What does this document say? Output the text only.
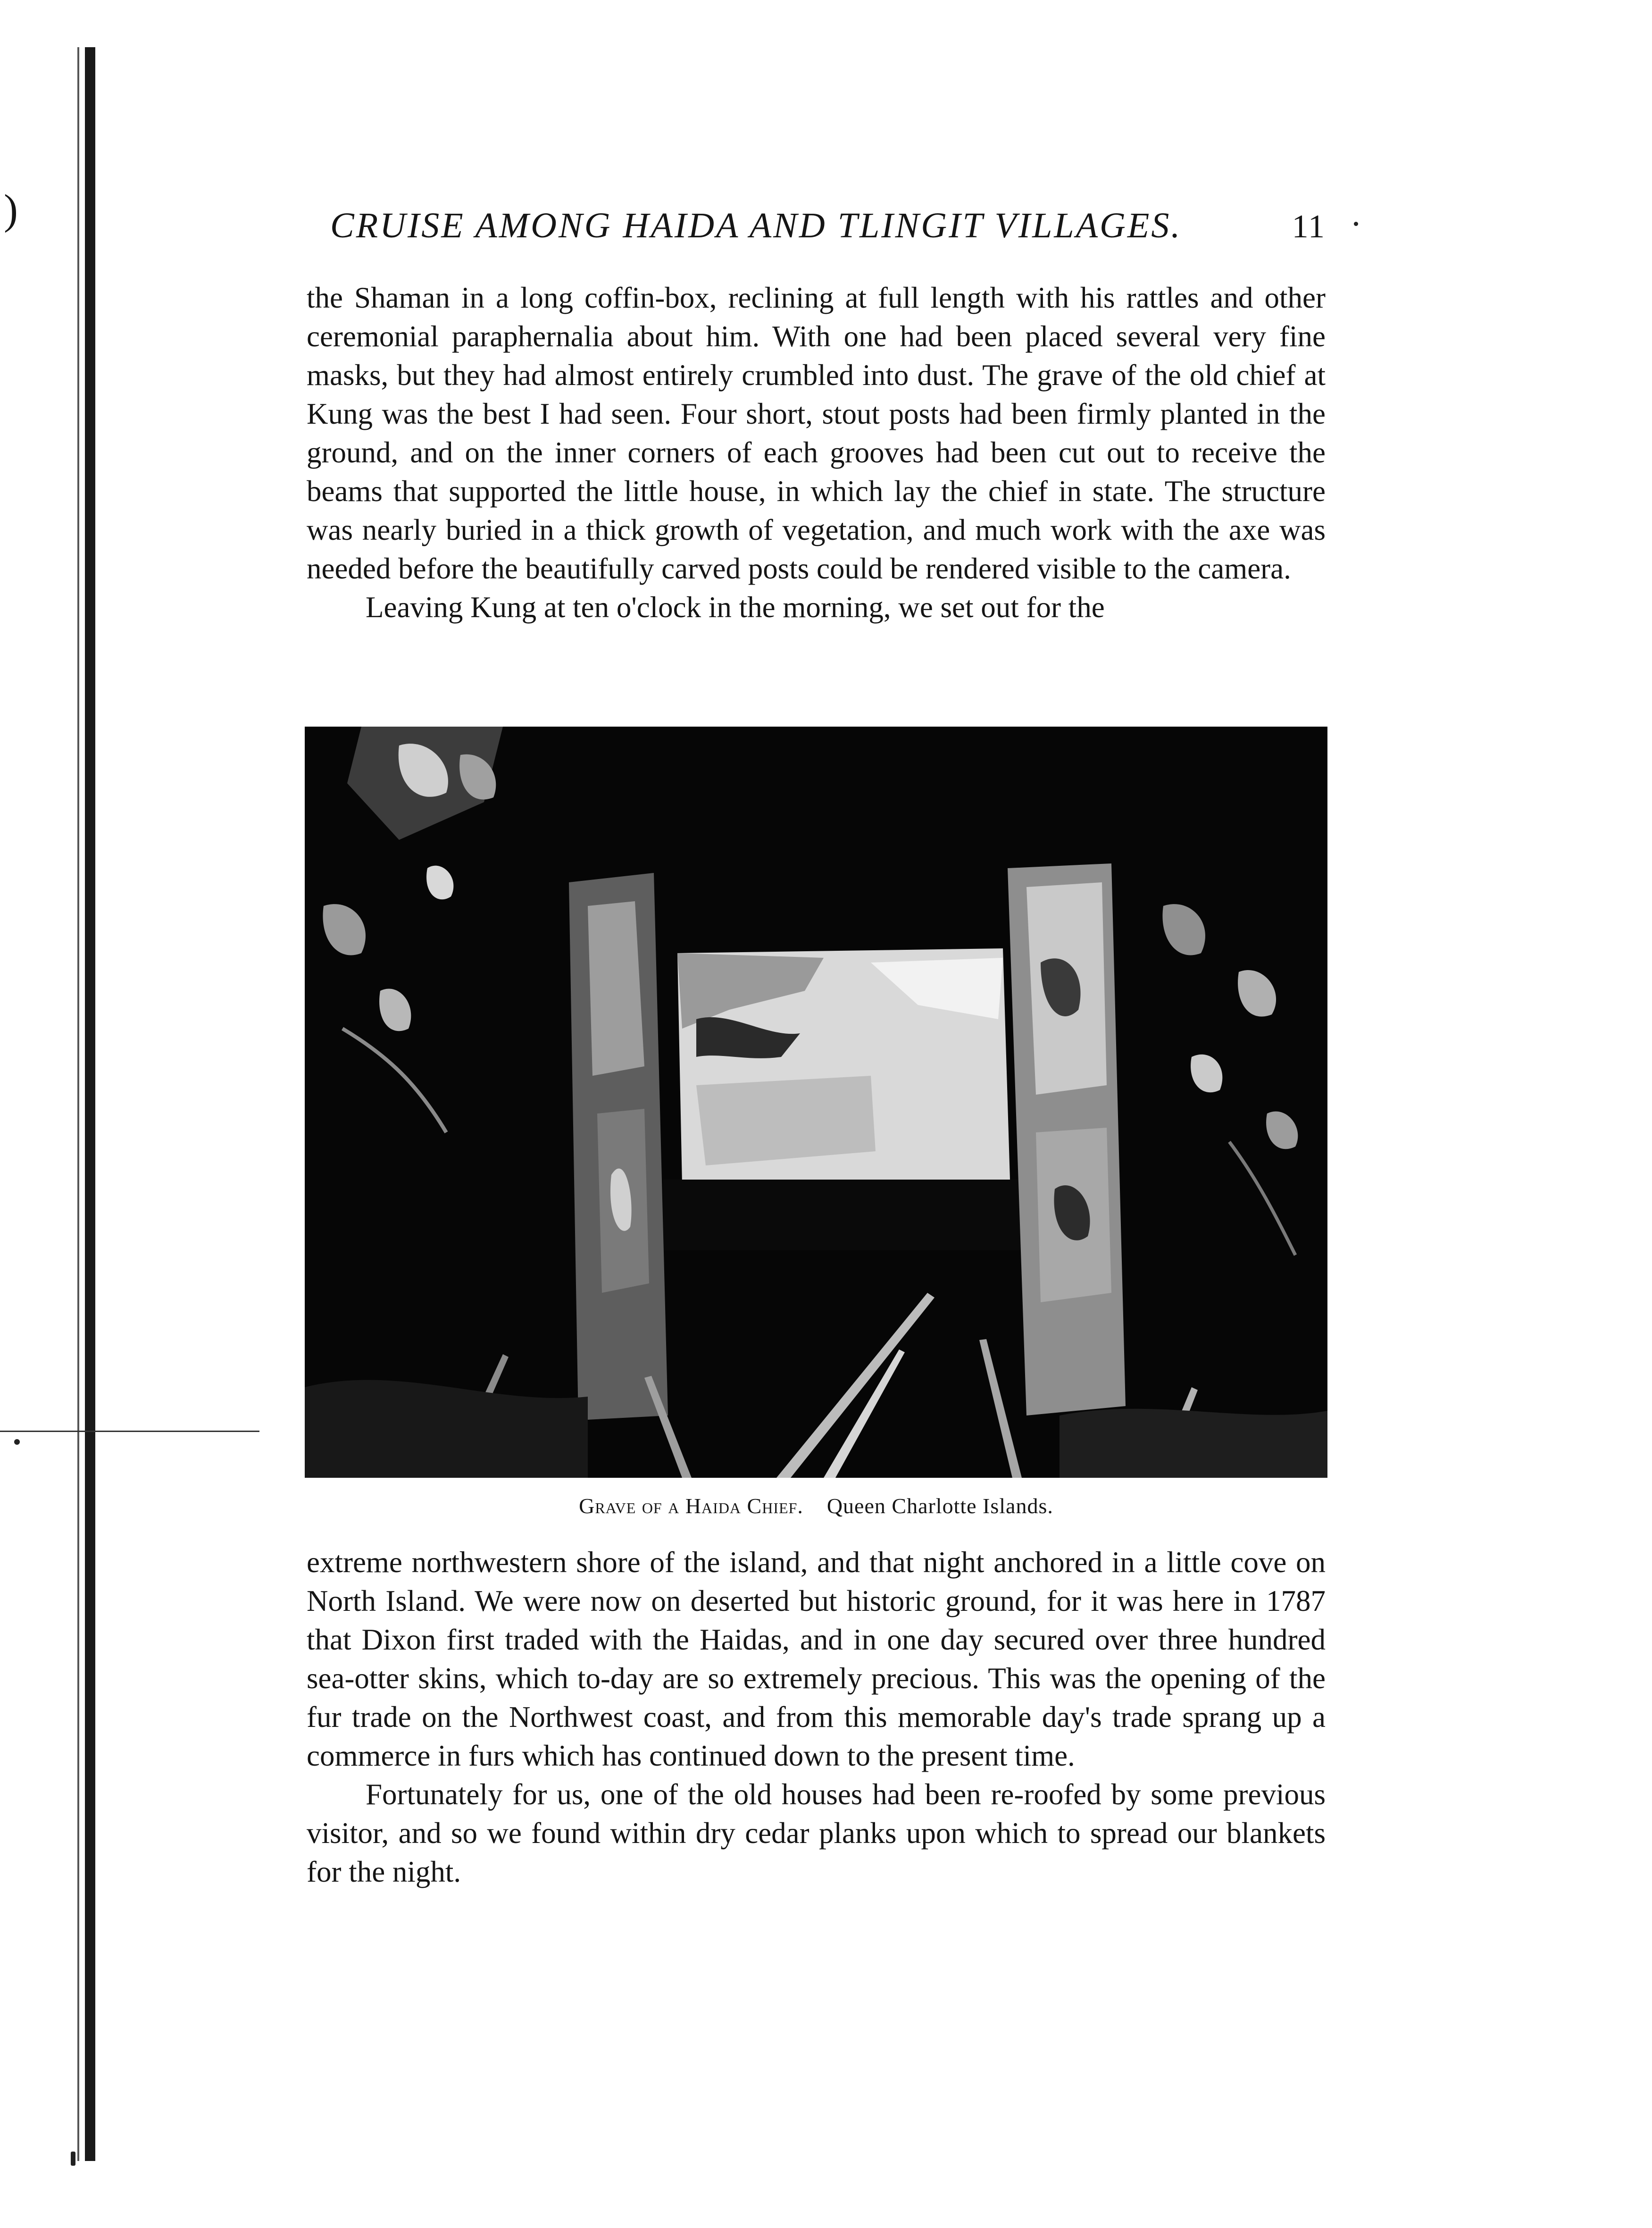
)	CRUISE AMONG HAIDA AND TLINGIT VILLAGES.	11

the Shaman in a long coffin-box, reclining at full length with his rattles and other ceremonial paraphernalia about him. With one had been placed several very fine masks, but they had almost entirely crumbled into dust. The grave of the old chief at Kung was the best I had seen. Four short, stout posts had been firmly planted in the ground, and on the inner corners of each grooves had been cut out to receive the beams that supported the little house, in which lay the chief in state. The structure was nearly buried in a thick growth of vegetation, and much work with the axe was needed before the beautifully carved posts could be rendered visible to the camera.

Leaving Kung at ten o'clock in the morning, we set out for the

Grave of a Haida Chief. Queen Charlotte Islands.

extreme northwestern shore of the island, and that night anchored in a little cove on North Island. We were now on deserted but historic ground, for it was here in 1787 that Dixon first traded with the Haidas, and in one day secured over three hundred sea-otter skins, which to-day are so extremely precious. This was the opening of the fur trade on the Northwest coast, and from this memorable day's trade sprang up a commerce in furs which has continued down to the present time.

Fortunately for us, one of the old houses had been re-roofed by some previous visitor, and so we found within dry cedar planks upon which to spread our blankets for the night.
